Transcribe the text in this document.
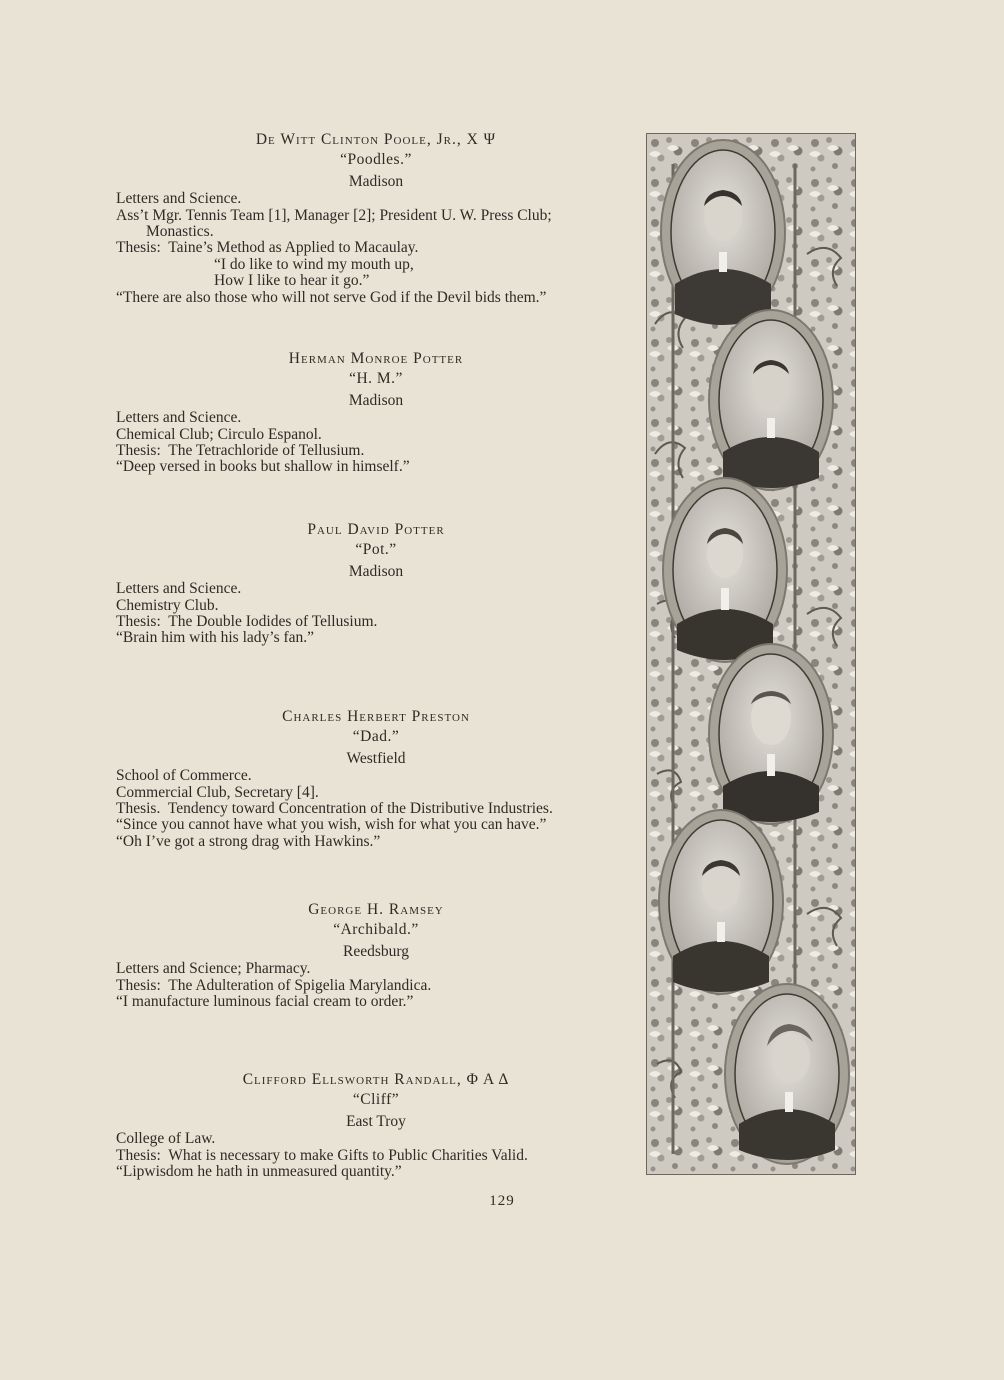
De Witt Clinton Poole, Jr., X Ψ
“Poodles.”
Madison
Letters and Science.
Ass’t Mgr. Tennis Team [1], Manager [2]; President U. W. Press Club;
Monastics.
Thesis:  Taine’s Method as Applied to Macaulay.
“I do like to wind my mouth up,
How I like to hear it go.”
“There are also those who will not serve God if the Devil bids them.”
Herman Monroe Potter
“H. M.”
Madison
Letters and Science.
Chemical Club; Circulo Espanol.
Thesis:  The Tetrachloride of Tellusium.
“Deep versed in books but shallow in himself.”
Paul David Potter
“Pot.”
Madison
Letters and Science.
Chemistry Club.
Thesis:  The Double Iodides of Tellusium.
“Brain him with his lady’s fan.”
Charles Herbert Preston
“Dad.”
Westfield
School of Commerce.
Commercial Club, Secretary [4].
Thesis.  Tendency toward Concentration of the Distributive Industries.
“Since you cannot have what you wish, wish for what you can have.”
“Oh I’ve got a strong drag with Hawkins.”
George H. Ramsey
“Archibald.”
Reedsburg
Letters and Science; Pharmacy.
Thesis:  The Adulteration of Spigelia Marylandica.
“I manufacture luminous facial cream to order.”
Clifford Ellsworth Randall, Φ Α Δ
“Cliff”
East Troy
College of Law.
Thesis:  What is necessary to make Gifts to Public Charities Valid.
“Lipwisdom he hath in unmeasured quantity.”
129
